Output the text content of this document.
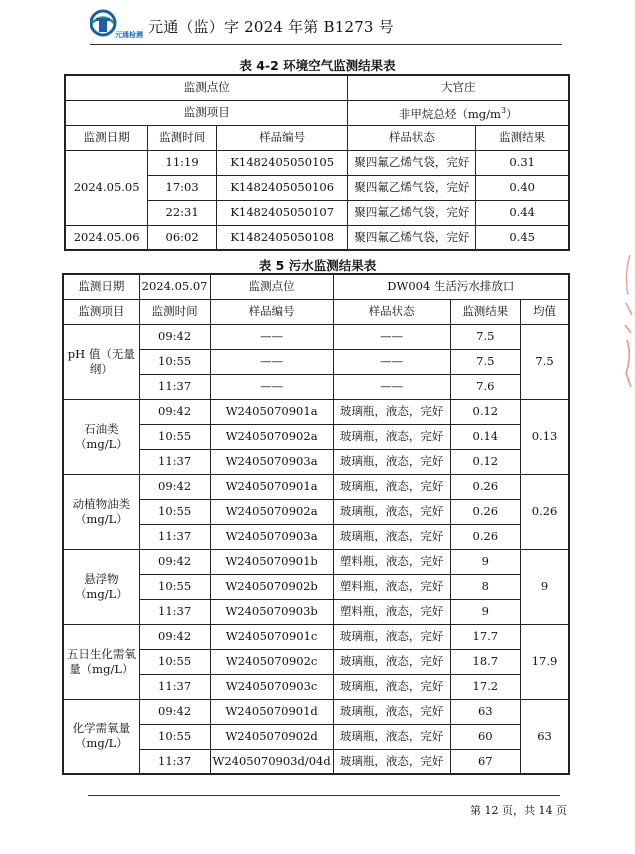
元通检测 元通（监）字 2024 年第 B1273 号
表 4-2 环境空气监测结果表
监测点位			大官庄	
监测项目			非甲烷总烃$(mg/m^3)$	
监测日期	监测时间	样品编号	样品状态	监测结果
2024.05.05	11:19	K1482405050105	聚四氟乙烯气袋，完好	0.31
	17:03	K1482405050106	聚四氟乙烯气袋，完好	0.40
	22:31	K1482405050107	聚四氟乙烯气袋，完好	0.44
2024.05.06	06:02	K1482405050108	聚四氟乙烯气袋，完好	0.45
表 5 污水监测结果表
监测日期	2024.05.07	监测点位	DW004 生活污水排放口		
监测项目	监测时间	样品编号	样品状态	监测结果	均值
pH 值（无量纲）	09:42	——	——	7.5	7.5
	10:55	——	——	7.5	
	11:37	——	——	7.6	
石油类（mg/L）	09:42	W2405070901a	玻璃瓶，液态，完好	0.12	0.13
	10:55	W2405070902a	玻璃瓶，液态，完好	0.14	
	11:37	W2405070903a	玻璃瓶，液态，完好	0.12	
动植物油类（mg/L）	09:42	W2405070901a	玻璃瓶，液态，完好	0.26	0.26
	10:55	W2405070902a	玻璃瓶，液态，完好	0.26	
	11:37	W2405070903a	玻璃瓶，液态，完好	0.26	
悬浮物（mg/L）	09:42	W2405070901b	塑料瓶，液态，完好	9	9
	10:55	W2405070902b	塑料瓶，液态，完好	8	
	11:37	W2405070903b	塑料瓶，液态，完好	9	
五日生化需氧量（mg/L）	09:42	W2405070901c	玻璃瓶，液态，完好	17.7	17.9
	10:55	W2405070902c	玻璃瓶，液态，完好	18.7	
	11:37	W2405070903c	玻璃瓶，液态，完好	17.2	
化学需氧量（mg/L）	09:42	W2405070901d	玻璃瓶，液态，完好	63	63
	10:55	W2405070902d	玻璃瓶，液态，完好	60	
	11:37	W2405070903d/04d	玻璃瓶，液态，完好	67	
第 12 页，共 14 页
